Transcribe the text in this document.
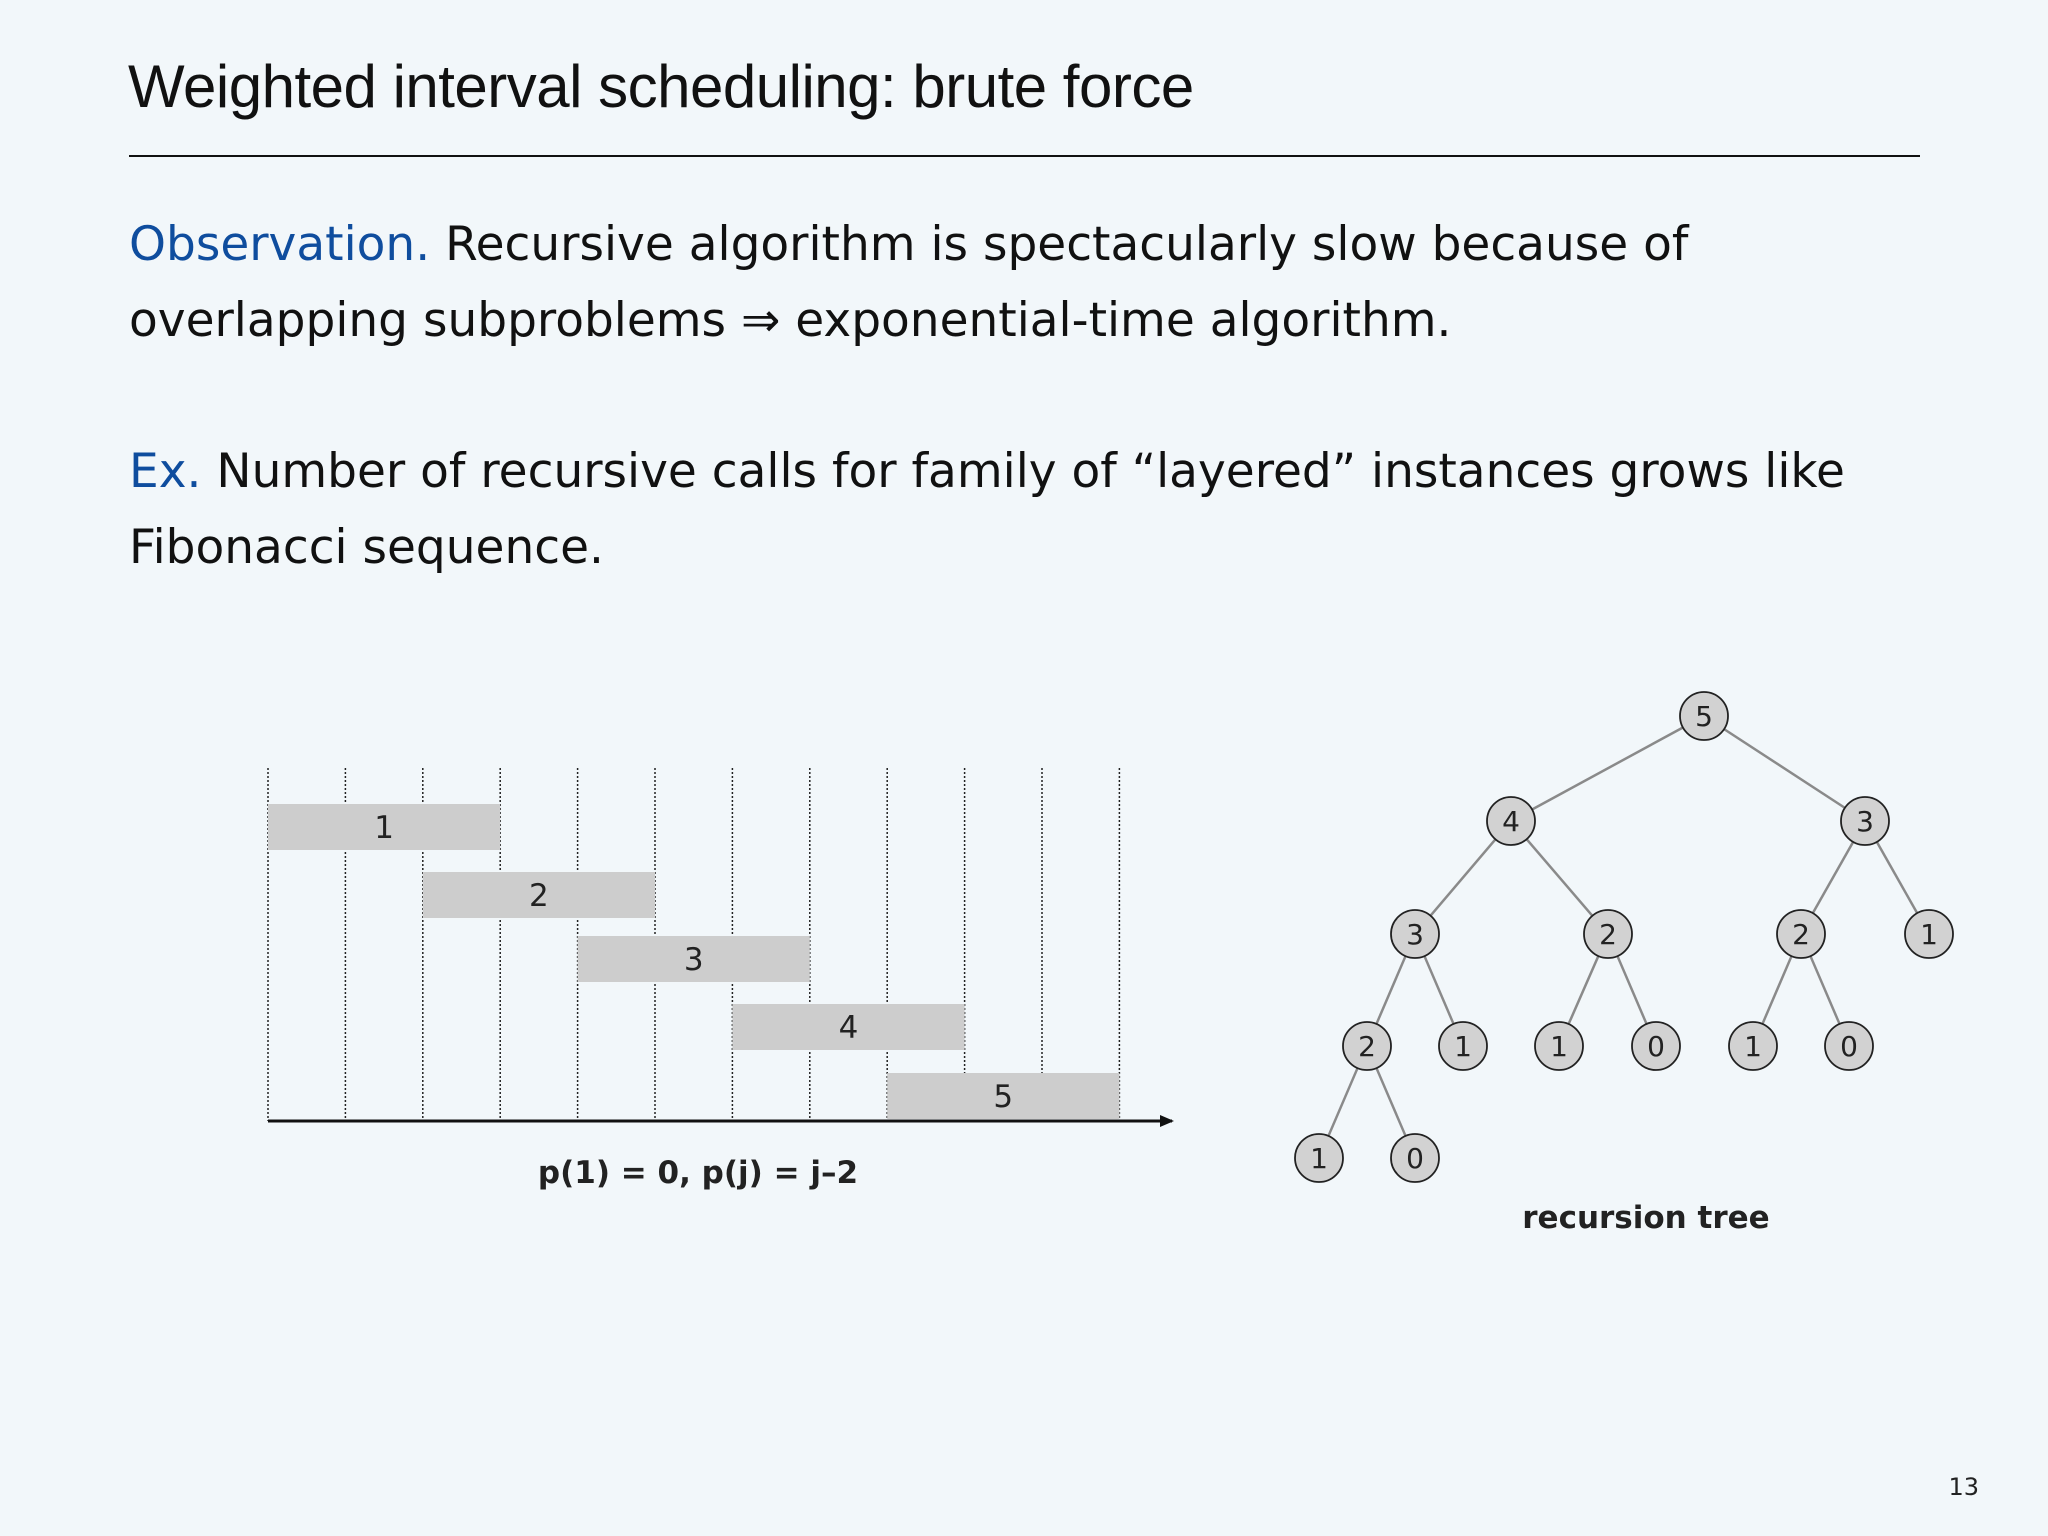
Weighted interval scheduling: brute force

Observation. Recursive algorithm is spectacularly slow because of
overlapping subproblems ⇒ exponential-time algorithm.

Ex. Number of recursive calls for family of “layered” instances grows like
Fibonacci sequence.

1
2
3
4
5
p(1) = 0, p(j) = j–2
5
4	3
3	2	2	1
2	1	1	0	1	0
1	0
recursion tree
13
